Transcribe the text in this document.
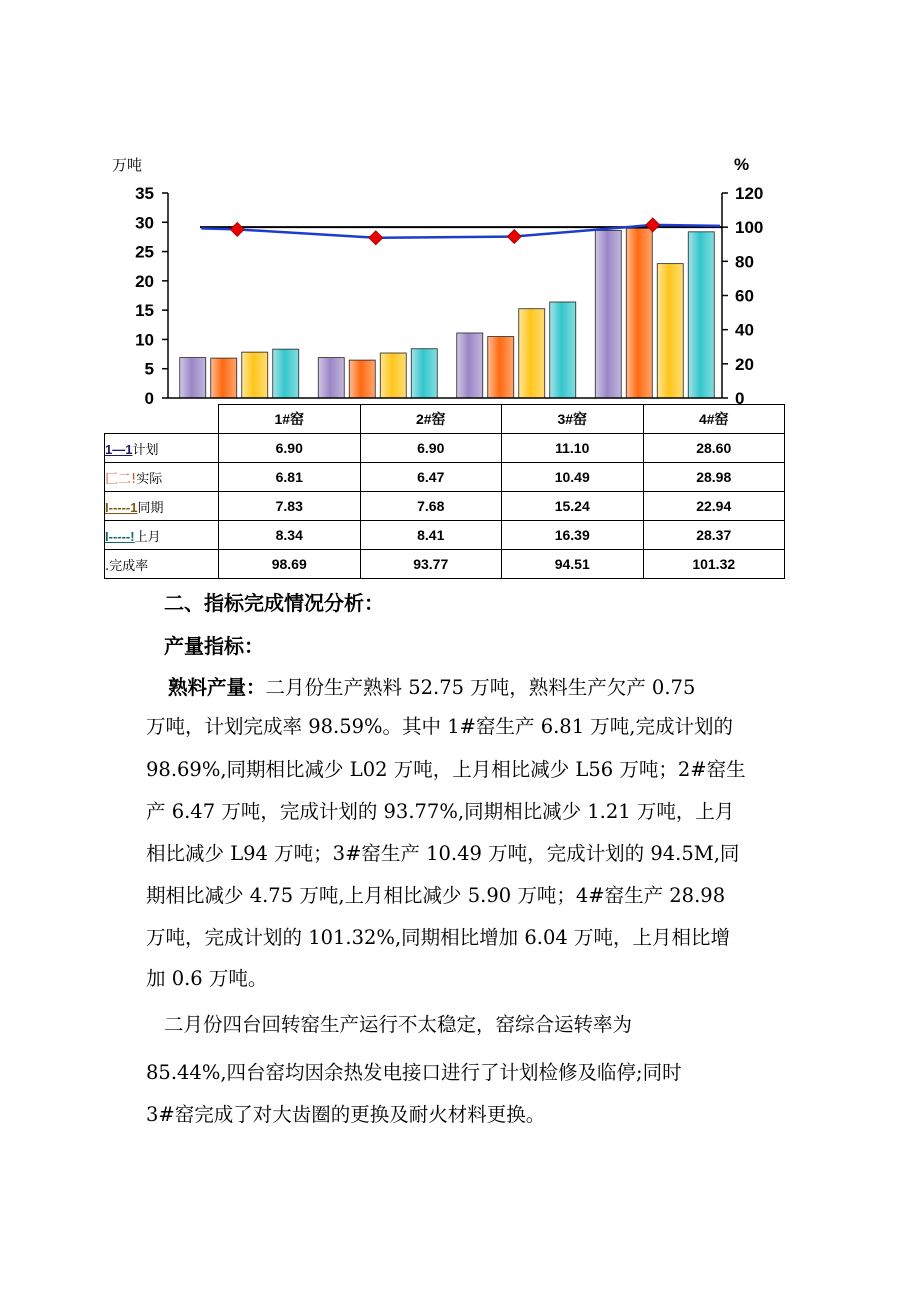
万吨	%
35
30
25
20
15
10
5
0
120
100
80
60
40
20
0
	1#窑	2#窑	3#窑	4#窑
1—1计划	6.90	6.90	11.10	28.60
匚二!实际	6.81	6.47	10.49	28.98
I-----1同期	7.83	7.68	15.24	22.94
I-----!上月	8.34	8.41	16.39	28.37
.完成率	98.69	93.77	94.51	101.32
二、指标完成情况分析：
产量指标：
熟料产量：二月份生产熟料 52.75 万吨，熟料生产欠产 0.75
万吨，计划完成率 98.59%。其中 1#窑生产 6.81 万吨,完成计划的
98.69%,同期相比减少 L02 万吨，上月相比减少 L56 万吨；2#窑生
产 6.47 万吨，完成计划的 93.77%,同期相比减少 1.21 万吨，上月
相比减少 L94 万吨；3#窑生产 10.49 万吨，完成计划的 94.5M,同
期相比减少 4.75 万吨,上月相比减少 5.90 万吨；4#窑生产 28.98
万吨，完成计划的 101.32%,同期相比增加 6.04 万吨，上月相比增
加 0.6 万吨。
二月份四台回转窑生产运行不太稳定，窑综合运转率为
85.44%,四台窑均因余热发电接口进行了计划检修及临停;同时
3#窑完成了对大齿圈的更换及耐火材料更换。
